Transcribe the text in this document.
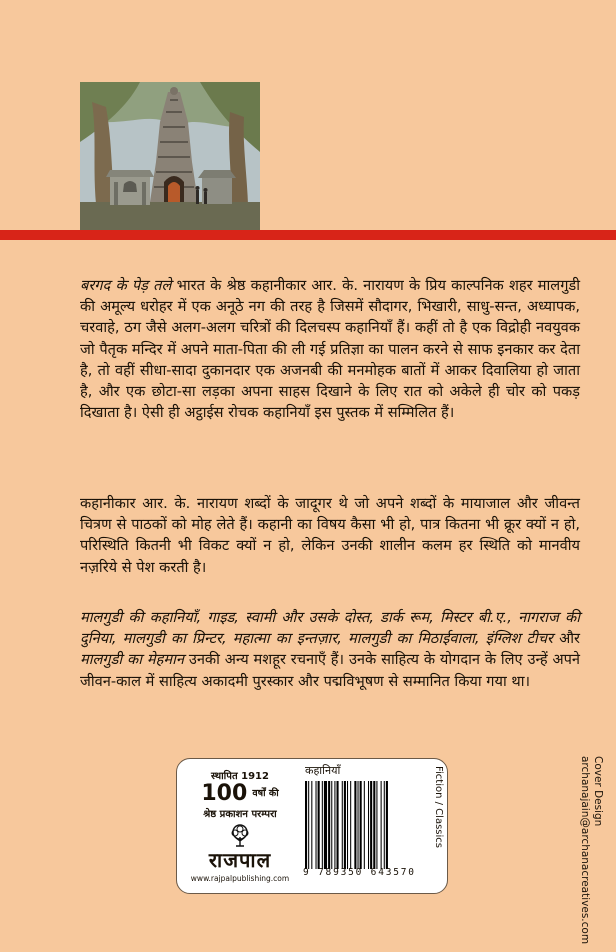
बरगद के पेड़ तले भारत के श्रेष्ठ कहानीकार आर. के. नारायण के प्रिय काल्पनिक शहर मालगुडी की अमूल्य धरोहर में एक अनूठे नग की तरह है जिसमें सौदागर, भिखारी, साधु-सन्त, अध्यापक, चरवाहे, ठग जैसे अलग-अलग चरित्रों की दिलचस्प कहानियाँ हैं। कहीं तो है एक विद्रोही नवयुवक जो पैतृक मन्दिर में अपने माता-पिता की ली गई प्रतिज्ञा का पालन करने से साफ इनकार कर देता है, तो वहीं सीधा-सादा दुकानदार एक अजनबी की मनमोहक बातों में आकर दिवालिया हो जाता है, और एक छोटा-सा लड़का अपना साहस दिखाने के लिए रात को अकेले ही चोर को पकड़ दिखाता है। ऐसी ही अट्ठाईस रोचक कहानियाँ इस पुस्तक में सम्मिलित हैं।

कहानीकार आर. के. नारायण शब्दों के जादूगर थे जो अपने शब्दों के मायाजाल और जीवन्त चित्रण से पाठकों को मोह लेते हैं। कहानी का विषय कैसा भी हो, पात्र कितना भी क्रूर क्यों न हो, परिस्थिति कितनी भी विकट क्यों न हो, लेकिन उनकी शालीन कलम हर स्थिति को मानवीय नज़रिये से पेश करती है।

मालगुडी की कहानियाँ, गाइड, स्वामी और उसके दोस्त, डार्क रूम, मिस्टर बी.ए., नागराज की दुनिया, मालगुडी का प्रिन्टर, महात्मा का इन्तज़ार, मालगुडी का मिठाईवाला, इंग्लिश टीचर और मालगुडी का मेहमान उनकी अन्य मशहूर रचनाएँ हैं। उनके साहित्य के योगदान के लिए उन्हें अपने जीवन-काल में साहित्य अकादमी पुरस्कार और पद्मविभूषण से सम्मानित किया गया था।

स्थापित 1912
100 वर्षों की
श्रेष्ठ प्रकाशन परम्परा
राजपाल
www.rajpalpublishing.com
कहानियाँ
9 789350 643570
Fiction / Classics	Cover Design
archanajain@archanacreatives.com
